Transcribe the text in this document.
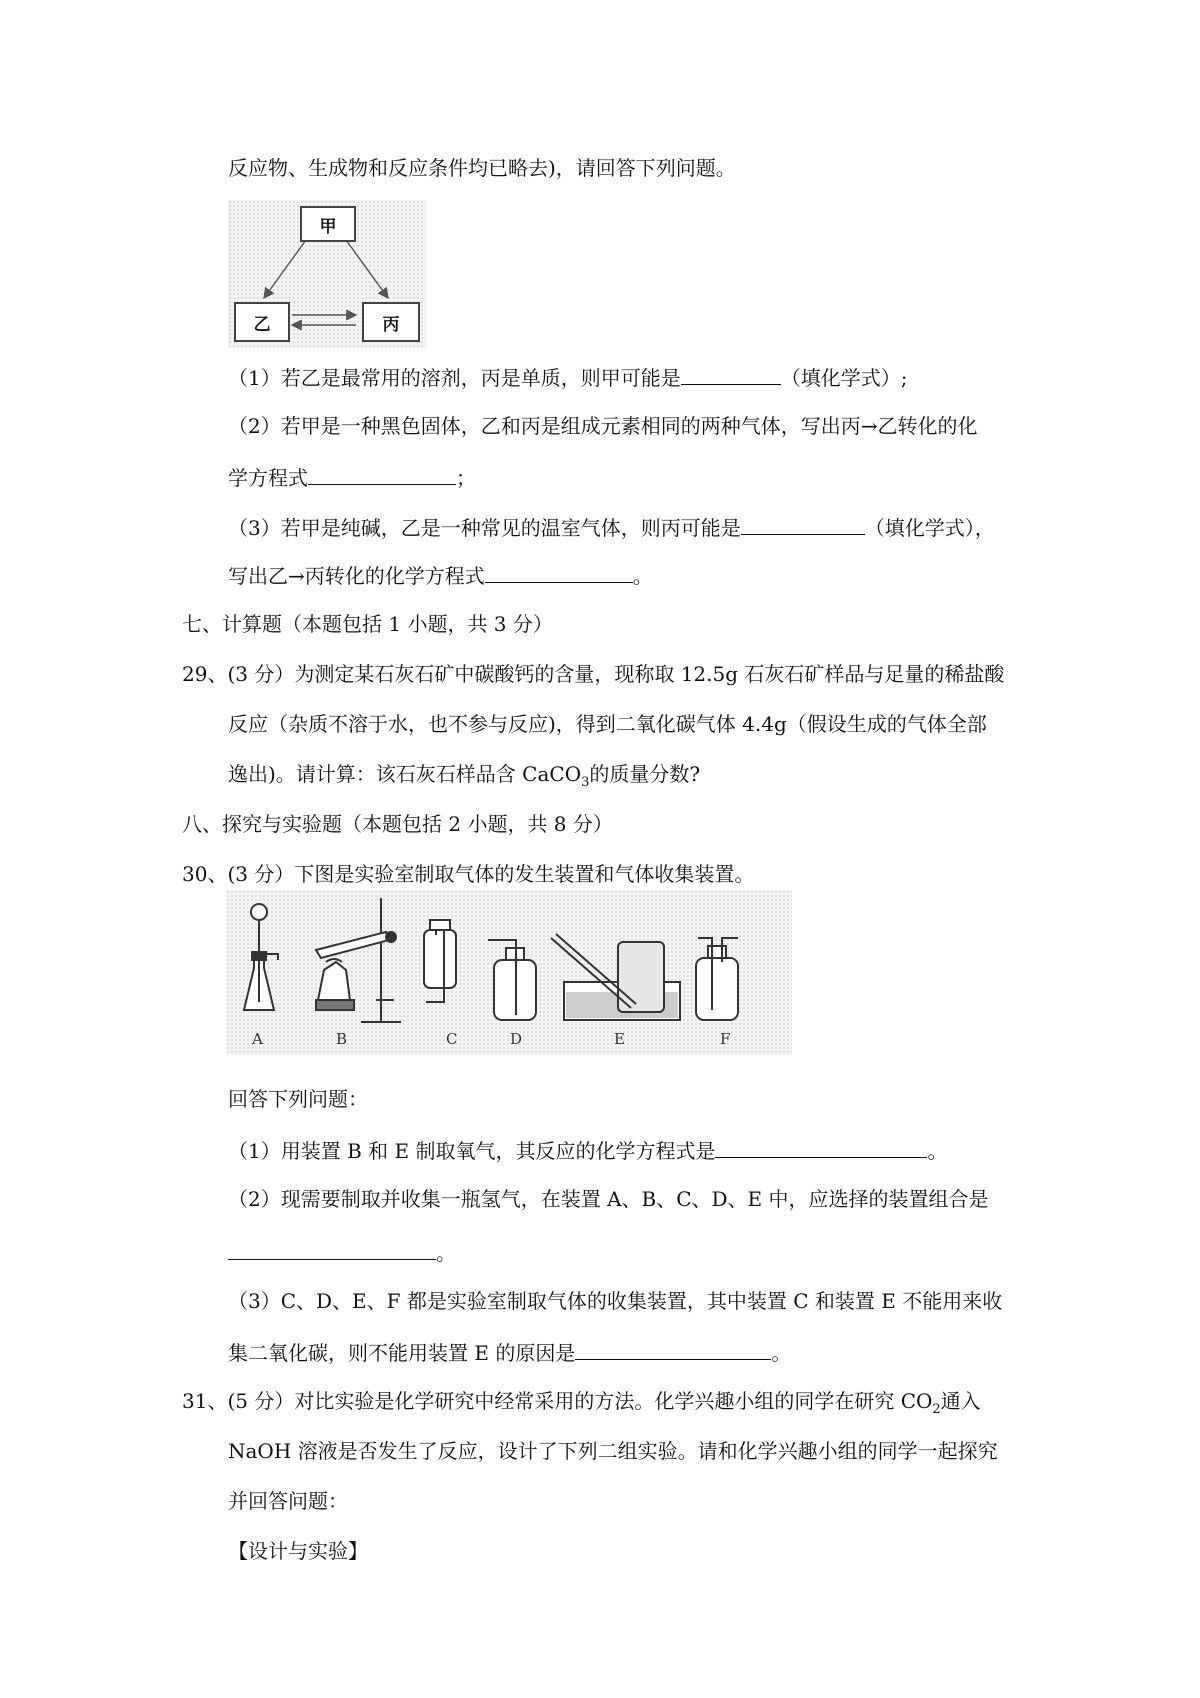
反应物、生成物和反应条件均已略去)，请回答下列问题。
甲
乙	丙
（1）若乙是最常用的溶剂，丙是单质，则甲可能是	（填化学式）;
（2）若甲是一种黑色固体，乙和丙是组成元素相同的两种气体，写出丙→乙转化的化
学方程式	；
（3）若甲是纯碱，乙是一种常见的温室气体，则丙可能是	（填化学式），
写出乙→丙转化的化学方程式	。
七、计算题（本题包括 1 小题，共 3 分）
29、(3 分）为测定某石灰石矿中碳酸钙的含量，现称取 12.5g 石灰石矿样品与足量的稀盐酸
反应（杂质不溶于水，也不参与反应)，得到二氧化碳气体 4.4g（假设生成的气体全部
逸出)。请计算：该石灰石样品含 CaCO$_3$的质量分数?
八、探究与实验题（本题包括 2 小题，共 8 分）
30、(3 分）下图是实验室制取气体的发生装置和气体收集装置。
A	B	C	D	E	F
回答下列问题：
（1）用装置 B 和 E 制取氧气，其反应的化学方程式是	。
（2）现需要制取并收集一瓶氢气，在装置 A、B、C、D、E 中，应选择的装置组合是
。
（3）C、D、E、F 都是实验室制取气体的收集装置，其中装置 C 和装置 E 不能用来收
集二氧化碳，则不能用装置 E 的原因是	。
31、(5 分）对比实验是化学研究中经常采用的方法。化学兴趣小组的同学在研究 $CO_2$通入
NaOH 溶液是否发生了反应，设计了下列二组实验。请和化学兴趣小组的同学一起探究
并回答问题：
【设计与实验】
